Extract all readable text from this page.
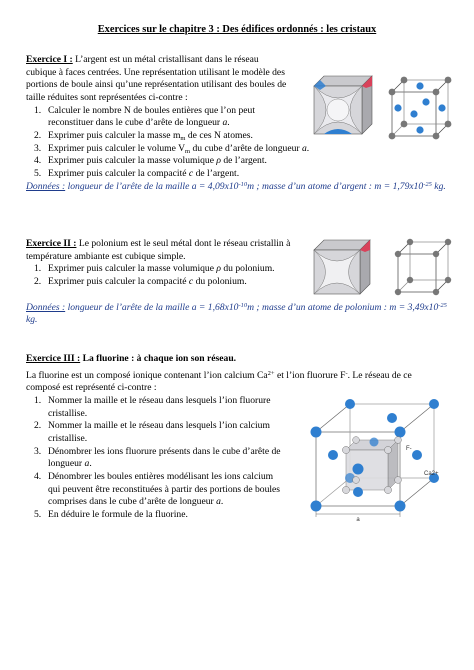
Exercices sur le chapitre 3 : Des édifices ordonnés : les cristaux
Exercice I : L’argent est un métal cristallisant dans le réseau
cubique à faces centrées. Une représentation utilisant le modèle des
portions de boule ainsi qu’une représentation utilisant des boules de
taille réduites sont représentées ci-contre :
1. Calculer le nombre N de boules entières que l’on peut
reconstituer dans le cube d’arête de longueur a.
2. Exprimer puis calculer la masse $m_m$ de ces N atomes.
3. Exprimer puis calculer le volume $V_m$ du cube d’arête de longueur a.
4. Exprimer puis calculer la masse volumique ρ de l’argent.
5. Exprimer puis calculer la compacité c de l’argent.
Données : longueur de l’arête de la maille $a = 4,09x10^{-10}m$ ; masse d’un atome d’argent : $m = 1,79x10^{-25}$ kg.
Exercice II : Le polonium est le seul métal dont le réseau cristallin à
température ambiante est cubique simple.
1. Exprimer puis calculer la masse volumique ρ du polonium.
2. Exprimer puis calculer la compacité c du polonium.
Données : longueur de l’arête de la maille $a = 1,68x10^{-10}m$ ; masse d’un atome de polonium : $m = 3,49x10^{-25}$ kg.
Exercice III : La fluorine : à chaque ion son réseau.
La fluorine est un composé ionique contenant l’ion calcium $Ca^{2+}$ et l’ion fluorure F-. Le réseau de ce
composé est représenté ci-contre :
1. Nommer la maille et le réseau dans lesquels l’ion fluorure
cristallise.
2. Nommer la maille et le réseau dans lesquels l’ion calcium
cristallise.
3. Dénombrer les ions fluorure présents dans le cube d’arête de
longueur a.
4. Dénombrer les boules entières modélisant les ions calcium
qui peuvent être reconstituées à partir des portions de boules
comprises dans le cube d’arête de longueur a.
5. En déduire le formule de la fluorine.
a
F-
Ca2+
